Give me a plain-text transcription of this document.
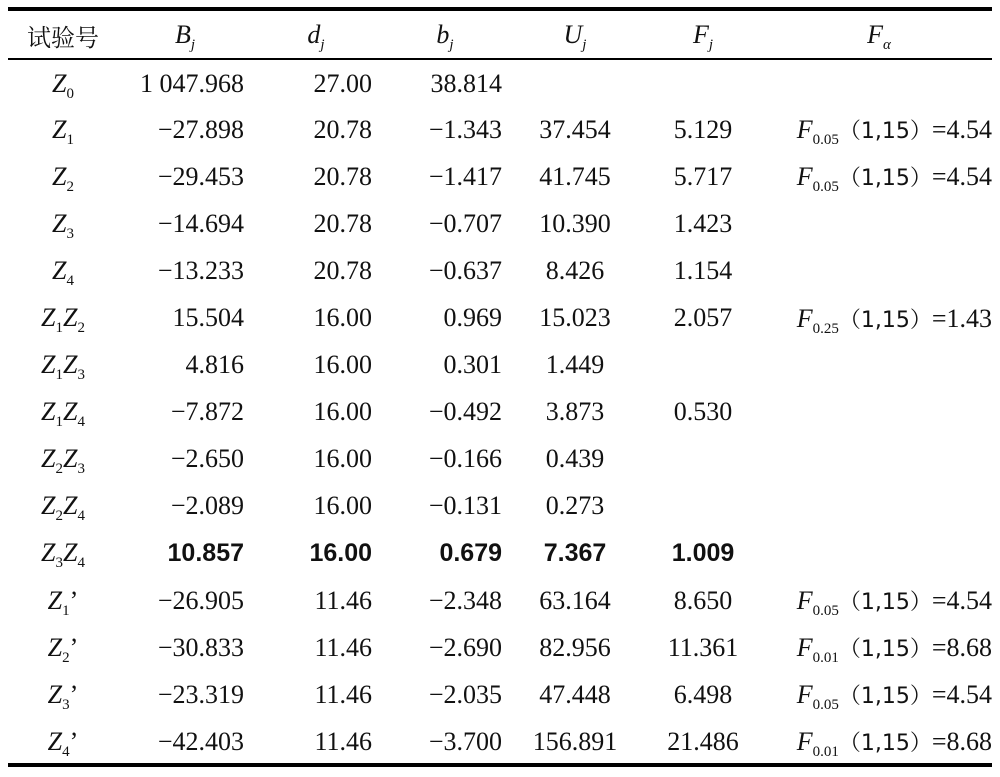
试验号	$B_j$	$d_j$	$b_j$	$U_j$	$F_j$	$F_\alpha$
$Z_0$	1 047.968	27.00	38.814			
$Z_1$	−27.898	20.78	−1.343	37.454	5.129	$F_{0.05}(1,15)=4.54$
$Z_2$	−29.453	20.78	−1.417	41.745	5.717	$F_{0.05}(1,15)=4.54$
$Z_3$	−14.694	20.78	−0.707	10.390	1.423	
$Z_4$	−13.233	20.78	−0.637	8.426	1.154	
$Z_1Z_2$	15.504	16.00	0.969	15.023	2.057	$F_{0.25}(1,15)=1.43$
$Z_1Z_3$	4.816	16.00	0.301	1.449		
$Z_1Z_4$	−7.872	16.00	−0.492	3.873	0.530	
$Z_2Z_3$	−2.650	16.00	−0.166	0.439		
$Z_2Z_4$	−2.089	16.00	−0.131	0.273		
$Z_3Z_4$	10.857	16.00	0.679	7.367	1.009	
$Z_1$’	−26.905	11.46	−2.348	63.164	8.650	$F_{0.05}(1,15)=4.54$
$Z_2$’	−30.833	11.46	−2.690	82.956	11.361	$F_{0.01}(1,15)=8.68$
$Z_3$’	−23.319	11.46	−2.035	47.448	6.498	$F_{0.05}(1,15)=4.54$
$Z_4$’	−42.403	11.46	−3.700	156.891	21.486	$F_{0.01}(1,15)=8.68$
